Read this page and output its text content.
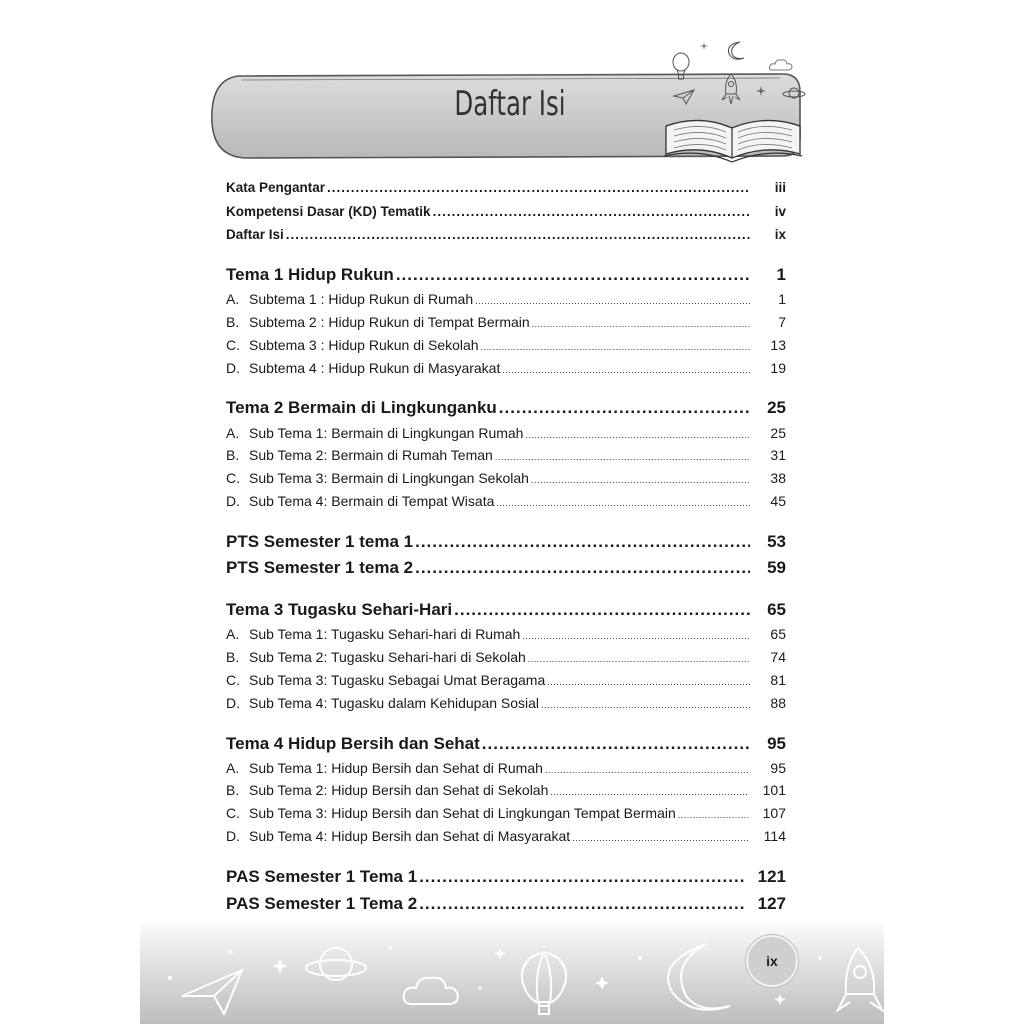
Daftar Isi
Kata Pengantar .....	iii
Kompetensi Dasar (KD) Tematik .....	iv
Daftar Isi .....	ix
Tema 1 Hidup Rukun .....	1
A. Subtema 1 : Hidup Rukun di Rumah .....	1
B. Subtema 2 : Hidup Rukun di Tempat Bermain .....	7
C. Subtema 3 : Hidup Rukun di Sekolah .....	13
D. Subtema 4 : Hidup Rukun di Masyarakat .....	19
Tema 2 Bermain di Lingkunganku .....	25
A. Sub Tema 1: Bermain di Lingkungan Rumah .....	25
B. Sub Tema 2: Bermain di Rumah Teman .....	31
C. Sub Tema 3: Bermain di Lingkungan Sekolah .....	38
D. Sub Tema 4: Bermain di Tempat Wisata .....	45
PTS Semester 1 tema 1 .....	53
PTS Semester 1 tema 2 .....	59
Tema 3 Tugasku Sehari-Hari .....	65
A. Sub Tema 1: Tugasku Sehari-hari di Rumah .....	65
B. Sub Tema 2: Tugasku Sehari-hari di Sekolah .....	74
C. Sub Tema 3: Tugasku Sebagai Umat Beragama .....	81
D. Sub Tema 4: Tugasku dalam Kehidupan Sosial .....	88
Tema 4 Hidup Bersih dan Sehat .....	95
A. Sub Tema 1: Hidup Bersih dan Sehat di Rumah .....	95
B. Sub Tema 2: Hidup Bersih dan Sehat di Sekolah .....	101
C. Sub Tema 3: Hidup Bersih dan Sehat di Lingkungan Tempat Bermain .....	107
D. Sub Tema 4: Hidup Bersih dan Sehat di Masyarakat .....	114
PAS Semester 1 Tema 1 .....	121
PAS Semester 1 Tema 2 .....	127
ix
